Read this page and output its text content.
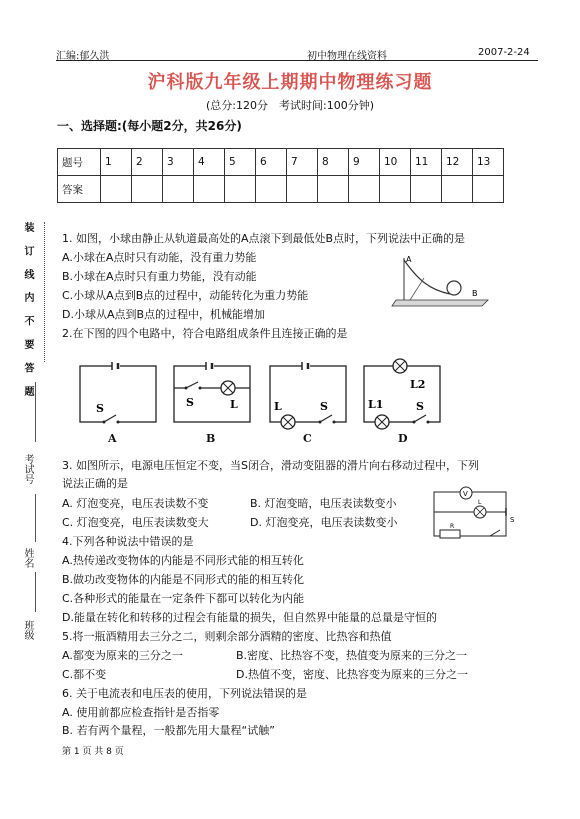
汇编:郁久洪	初中物理在线资料	2007-2-24
沪科版九年级上期期中物理练习题
(总分:120分　考试时间:100分钟)
一、选择题:(每小题2分，共26分)
题号	1	2	3	4	5	6	7	8	9	10	11	12	13
答案													
装 订 线 内 不 要 答 题
考试号
姓名
班级
1. 如图，小球由静止从轨道最高处的A点滚下到最低处B点时，下列说法中正确的是
A.小球在A点时只有动能，没有重力势能
B.小球在A点时只有重力势能，没有动能
C.小球从A点到B点的过程中，动能转化为重力势能
D.小球从A点到B点的过程中，机械能增加
A
B
2.在下图的四个电路中，符合电路组成条件且连接正确的是
S
A
S	L
B
L	S
C
L2
L1	S
D
3. 如图所示，电源电压恒定不变，当S闭合，滑动变阻器的滑片向右移动过程中，下列
说法正确的是
A. 灯泡变亮，电压表读数不变	B. 灯泡变暗，电压表读数变小
C. 灯泡变亮，电压表读数变大	D. 灯泡变亮，电压表读数变小
V
L
R
S
4.下列各种说法中错误的是
A.热传递改变物体的内能是不同形式能的相互转化
B.做功改变物体的内能是不同形式的能的相互转化
C.各种形式的能量在一定条件下都可以转化为内能
D.能量在转化和转移的过程会有能量的损失，但自然界中能量的总量是守恒的
5.将一瓶酒精用去三分之二，则剩余部分酒精的密度、比热容和热值
A.都变为原来的三分之一	B.密度、比热容不变，热值变为原来的三分之一
C.都不变	D.热值不变，密度、比热容变为原来的三分之一
6. 关于电流表和电压表的使用，下列说法错误的是
A. 使用前都应检查指针是否指零
B. 若有两个量程，一般都先用大量程“试触”
第 1 页 共 8 页
